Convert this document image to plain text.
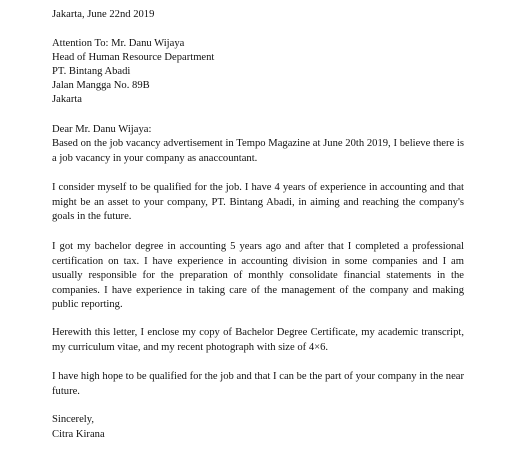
Jakarta, June 22nd 2019
Attention To: Mr. Danu Wijaya
Head of Human Resource Department
PT. Bintang Abadi
Jalan Mangga No. 89B
Jakarta
Dear Mr. Danu Wijaya:
Based on the job vacancy advertisement in Tempo Magazine at June 20th 2019, I believe there is a job vacancy in your company as anaccountant.
I consider myself to be qualified for the job. I have 4 years of experience in accounting and that might be an asset to your company, PT. Bintang Abadi, in aiming and reaching the company's goals in the future.
I got my bachelor degree in accounting 5 years ago and after that I completed a professional certification on tax. I have experience in accounting division in some companies and I am usually responsible for the preparation of monthly consolidate financial statements in the companies. I have experience in taking care of the management of the company and making public reporting.
Herewith this letter, I enclose my copy of Bachelor Degree Certificate, my academic transcript, my curriculum vitae, and my recent photograph with size of 4×6.
I have high hope to be qualified for the job and that I can be the part of your company in the near future.
Sincerely,
Citra Kirana
